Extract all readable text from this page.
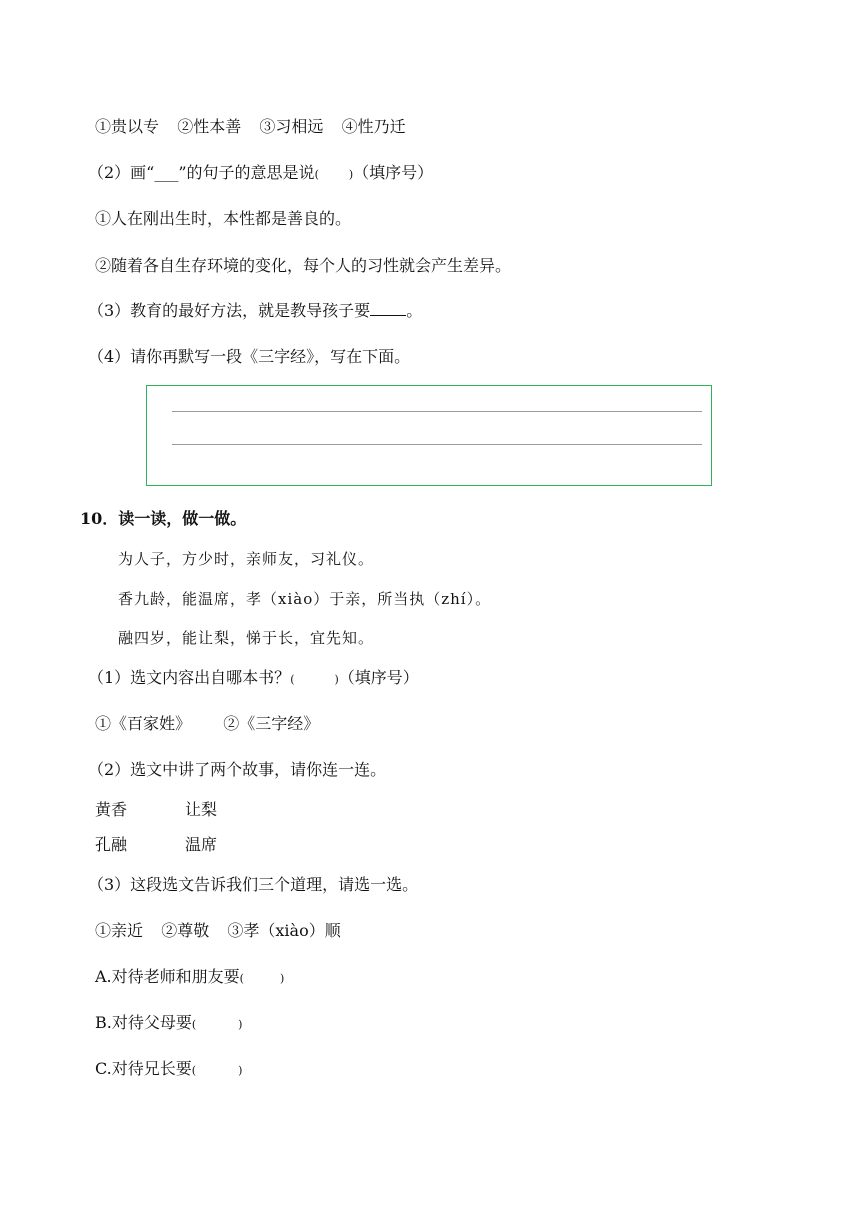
①贵以专 ②性本善 ③习相远 ④性乃迁
（2）画“___”的句子的意思是说(	)（填序号）
①人在刚出生时，本性都是善良的。
②随着各自生存环境的变化，每个人的习性就会产生差异。
（3）教育的最好方法，就是教导孩子要 。
（4）请你再默写一段《三字经》，写在下面。
10．读一读，做一做。
为人子，方少时，亲师友，习礼仪。
香九龄，能温席，孝（xiào）于亲，所当执（zhí）。
融四岁，能让梨，悌于长，宜先知。
（1）选文内容出自哪本书？(	)（填序号）
①《百家姓》 ②《三字经》
（2）选文中讲了两个故事，请你连一连。
黄香	让梨
孔融	温席
（3）这段选文告诉我们三个道理，请选一选。
①亲近 ②尊敬 ③孝（xiào）顺
A.对待老师和朋友要(	)
B.对待父母要(	)
C.对待兄长要(	)
